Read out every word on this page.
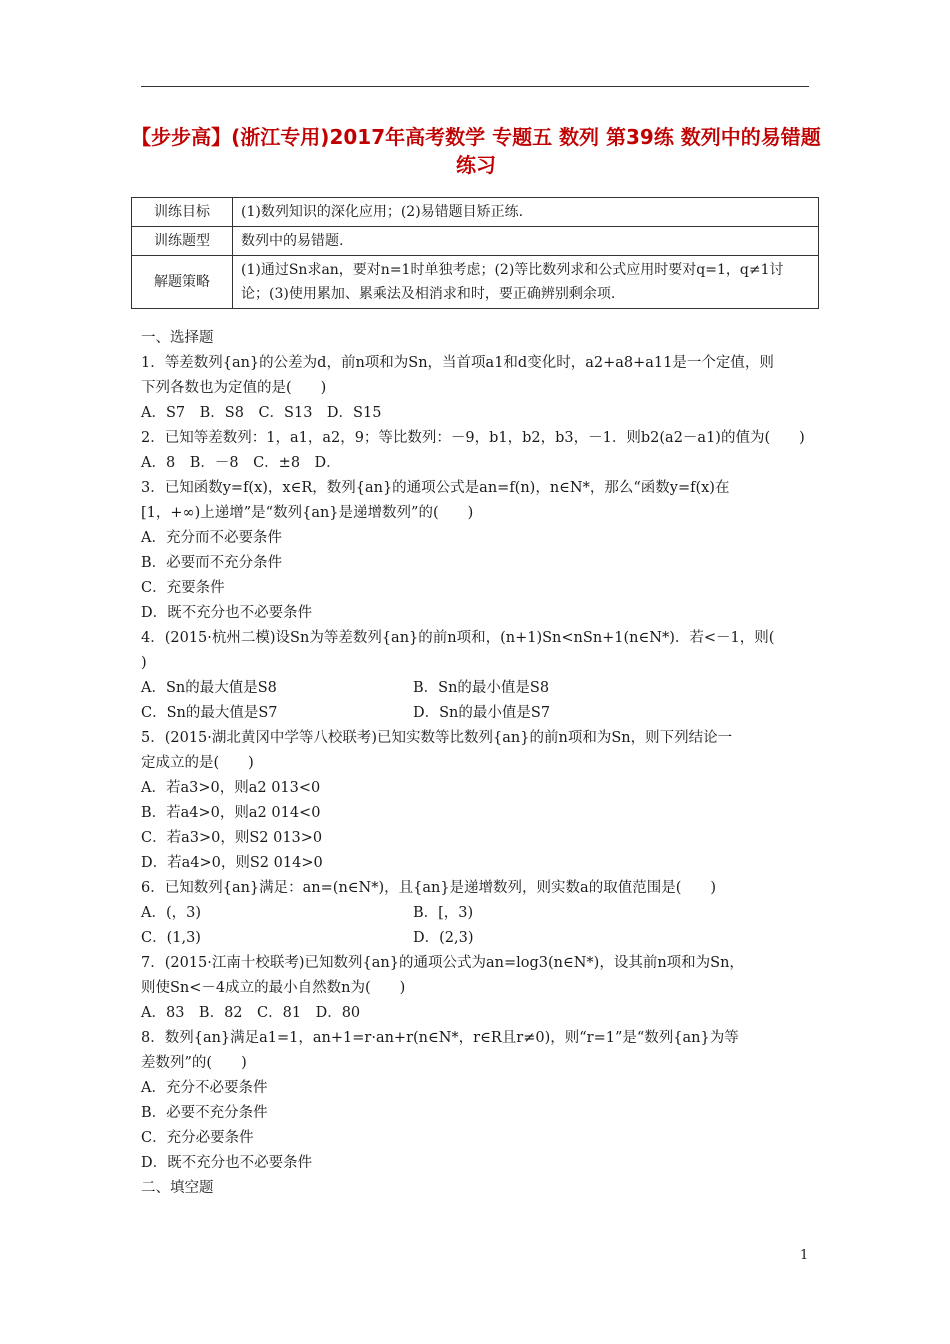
【步步高】(浙江专用)2017年高考数学 专题五 数列 第39练 数列中的易错题练习
训练目标	(1)数列知识的深化应用；(2)易错题目矫正练.
训练题型	数列中的易错题.
解题策略	(1)通过Sn求an，要对n=1时单独考虑；(2)等比数列求和公式应用时要对q=1，q≠1讨论；(3)使用累加、累乘法及相消求和时，要正确辨别剩余项.
一、选择题
1．等差数列{an}的公差为d，前n项和为Sn，当首项a1和d变化时，a2+a8+a11是一个定值，则
下列各数也为定值的是(　　)
A．S7　B．S8　C．S13　D．S15
2．已知等差数列：1，a1，a2，9；等比数列：－9，b1，b2，b3，－1．则b2(a2－a1)的值为(　　)
A．8　B．－8　C．±8　D．
3．已知函数y=f(x)，x∈R，数列{an}的通项公式是an=f(n)，n∈N*，那么“函数y=f(x)在
[1，+∞)上递增”是“数列{an}是递增数列”的(　　)
A．充分而不必要条件
B．必要而不充分条件
C．充要条件
D．既不充分也不必要条件
4．(2015·杭州二模)设Sn为等差数列{an}的前n项和，(n+1)Sn<nSn+1(n∈N*)．若<－1，则(
)
A．Sn的最大值是S8	B．Sn的最小值是S8
C．Sn的最大值是S7	D．Sn的最小值是S7
5．(2015·湖北黄冈中学等八校联考)已知实数等比数列{an}的前n项和为Sn，则下列结论一
定成立的是(　　)
A．若a3>0，则a2 013<0
B．若a4>0，则a2 014<0
C．若a3>0，则S2 013>0
D．若a4>0，则S2 014>0
6．已知数列{an}满足：an=(n∈N*)，且{an}是递增数列，则实数a的取值范围是(　　)
A．(，3)	B．[，3)
C．(1,3)	D．(2,3)
7．(2015·江南十校联考)已知数列{an}的通项公式为an=log3(n∈N*)，设其前n项和为Sn，
则使Sn<－4成立的最小自然数n为(　　)
A．83　B．82　C．81　D．80
8．数列{an}满足a1=1，an+1=r·an+r(n∈N*，r∈R且r≠0)，则“r=1”是“数列{an}为等
差数列”的(　　)
A．充分不必要条件
B．必要不充分条件
C．充分必要条件
D．既不充分也不必要条件
二、填空题
1
